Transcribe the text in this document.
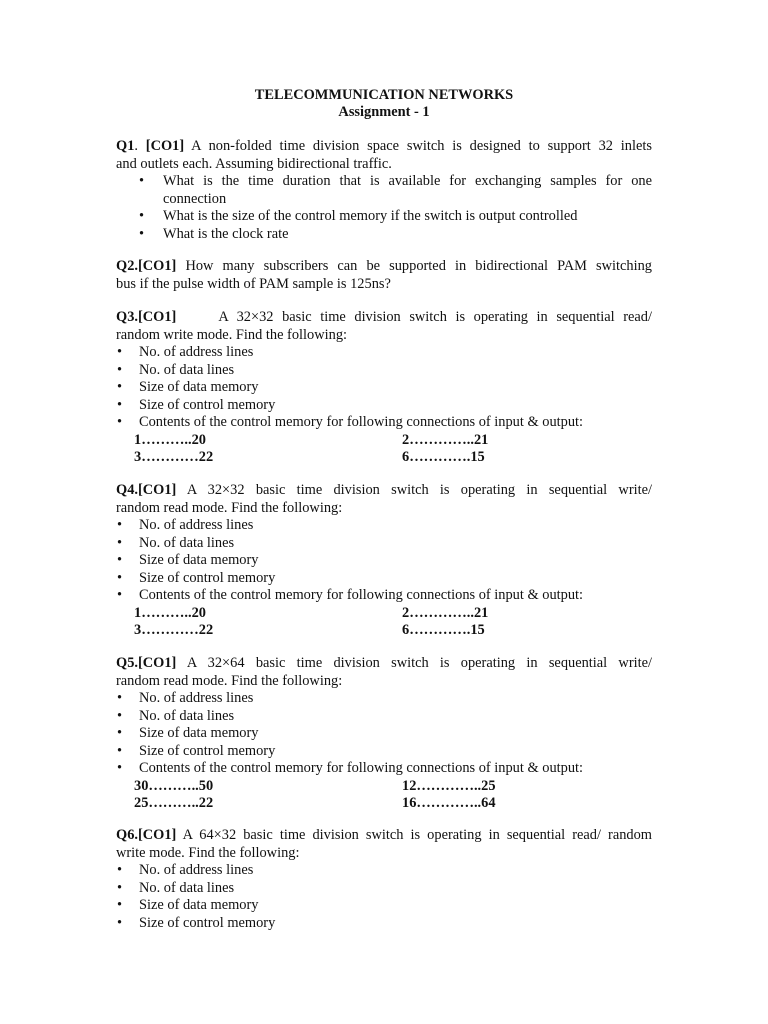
TELECOMMUNICATION NETWORKS
Assignment - 1
Q1. [CO1] A non-folded time division space switch is designed to support 32 inlets
and outlets each. Assuming bidirectional traffic.
• What is the time duration that is available for exchanging samples for one
connection
• What is the size of the control memory if the switch is output controlled
• What is the clock rate
Q2.[CO1] How many subscribers can be supported in bidirectional PAM switching
bus if the pulse width of PAM sample is 125ns?
Q3.[CO1]     A 32×32 basic time division switch is operating in sequential read/
random write mode. Find the following:
• No. of address lines
• No. of data lines
• Size of data memory
• Size of control memory
• Contents of the control memory for following connections of input & output:
1………..20	2…………..21
3…………22	6………….15
Q4.[CO1] A 32×32 basic time division switch is operating in sequential write/
random read mode. Find the following:
• No. of address lines
• No. of data lines
• Size of data memory
• Size of control memory
• Contents of the control memory for following connections of input & output:
1………..20	2…………..21
3…………22	6………….15
Q5.[CO1] A 32×64 basic time division switch is operating in sequential write/
random read mode. Find the following:
• No. of address lines
• No. of data lines
• Size of data memory
• Size of control memory
• Contents of the control memory for following connections of input & output:
30………..50	12…………..25
25………..22	16…………..64
Q6.[CO1] A 64×32 basic time division switch is operating in sequential read/ random
write mode. Find the following:
• No. of address lines
• No. of data lines
• Size of data memory
• Size of control memory
